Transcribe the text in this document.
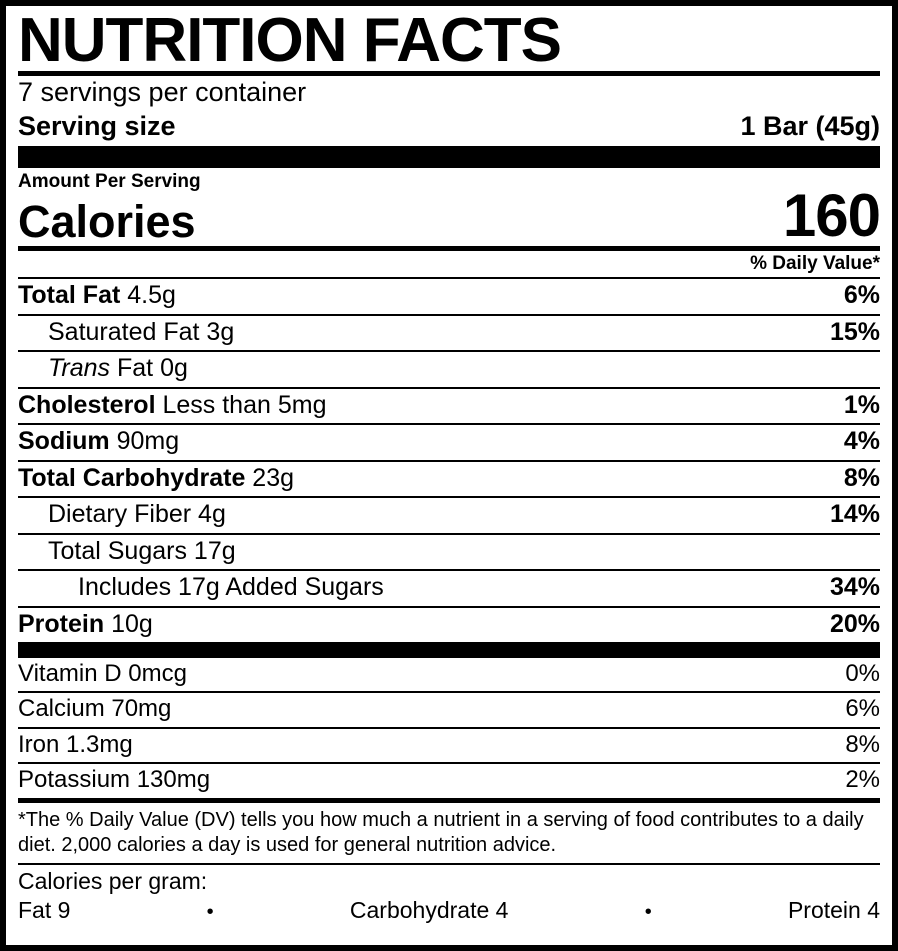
NUTRITION FACTS
7 servings per container
Serving size	1 Bar (45g)
Amount Per Serving
Calories	160
% Daily Value*
Total Fat 4.5g	6%
Saturated Fat 3g	15%
Trans Fat 0g
Cholesterol Less than 5mg	1%
Sodium 90mg	4%
Total Carbohydrate 23g	8%
Dietary Fiber 4g	14%
Total Sugars 17g
Includes 17g Added Sugars	34%
Protein 10g	20%
Vitamin D 0mcg	0%
Calcium 70mg	6%
Iron 1.3mg	8%
Potassium 130mg	2%
*The % Daily Value (DV) tells you how much a nutrient in a serving of food contributes to a daily diet. 2,000 calories a day is used for general nutrition advice.
Calories per gram:
Fat 9	•	Carbohydrate 4	•	Protein 4
